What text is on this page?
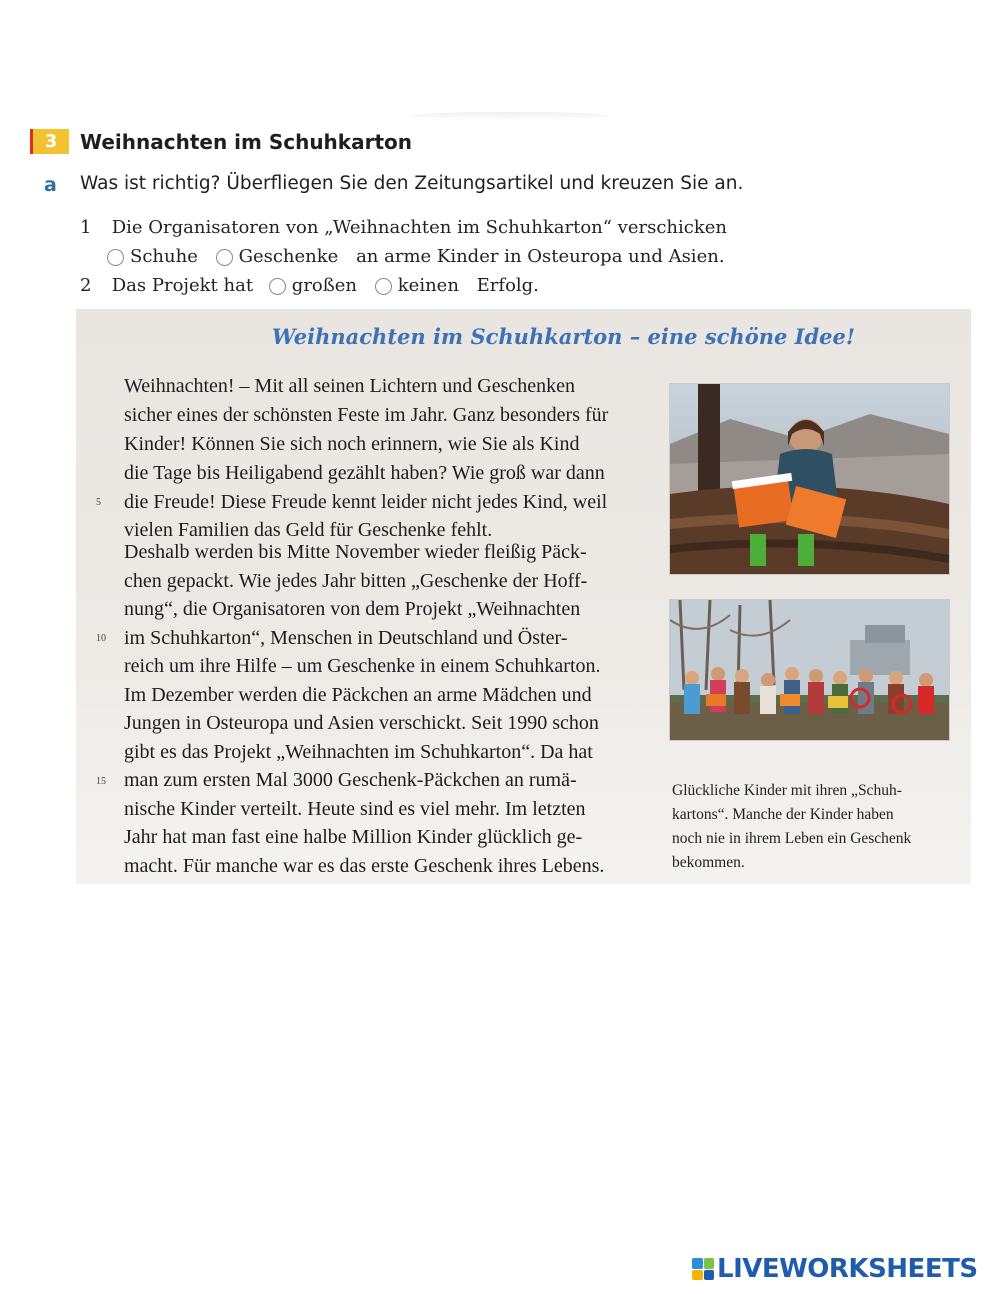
3	Weihnachten im Schuhkarton
a Was ist richtig? Überfliegen Sie den Zeitungsartikel und kreuzen Sie an.

1 Die Organisatoren von „Weihnachten im Schuhkarton“ verschicken
Schuhe Geschenke an arme Kinder in Osteuropa und Asien.
2 Das Projekt hat großen keinen Erfolg.
Weihnachten im Schuhkarton – eine schöne Idee!
Weihnachten! – Mit all seinen Lichtern und Geschenken
sicher eines der schönsten Feste im Jahr. Ganz besonders für
Kinder! Können Sie sich noch erinnern, wie Sie als Kind
die Tage bis Heiligabend gezählt haben? Wie groß war dann
die Freude! Diese Freude kennt leider nicht jedes Kind, weil
vielen Familien das Geld für Geschenke fehlt.
Deshalb werden bis Mitte November wieder fleißig Päck-
chen gepackt. Wie jedes Jahr bitten „Geschenke der Hoff-
nung“, die Organisatoren von dem Projekt „Weihnachten
im Schuhkarton“, Menschen in Deutschland und Öster-
reich um ihre Hilfe – um Geschenke in einem Schuhkarton.
Im Dezember werden die Päckchen an arme Mädchen und
Jungen in Osteuropa und Asien verschickt. Seit 1990 schon
gibt es das Projekt „Weihnachten im Schuhkarton“. Da hat
man zum ersten Mal 3000 Geschenk-Päckchen an rumä-
nische Kinder verteilt. Heute sind es viel mehr. Im letzten
Jahr hat man fast eine halbe Million Kinder glücklich ge-
macht. Für manche war es das erste Geschenk ihres Lebens.
5
10
15
Glückliche Kinder mit ihren „Schuh-
kartons“. Manche der Kinder haben
noch nie in ihrem Leben ein Geschenk
bekommen.
LIVEWORKSHEETS
